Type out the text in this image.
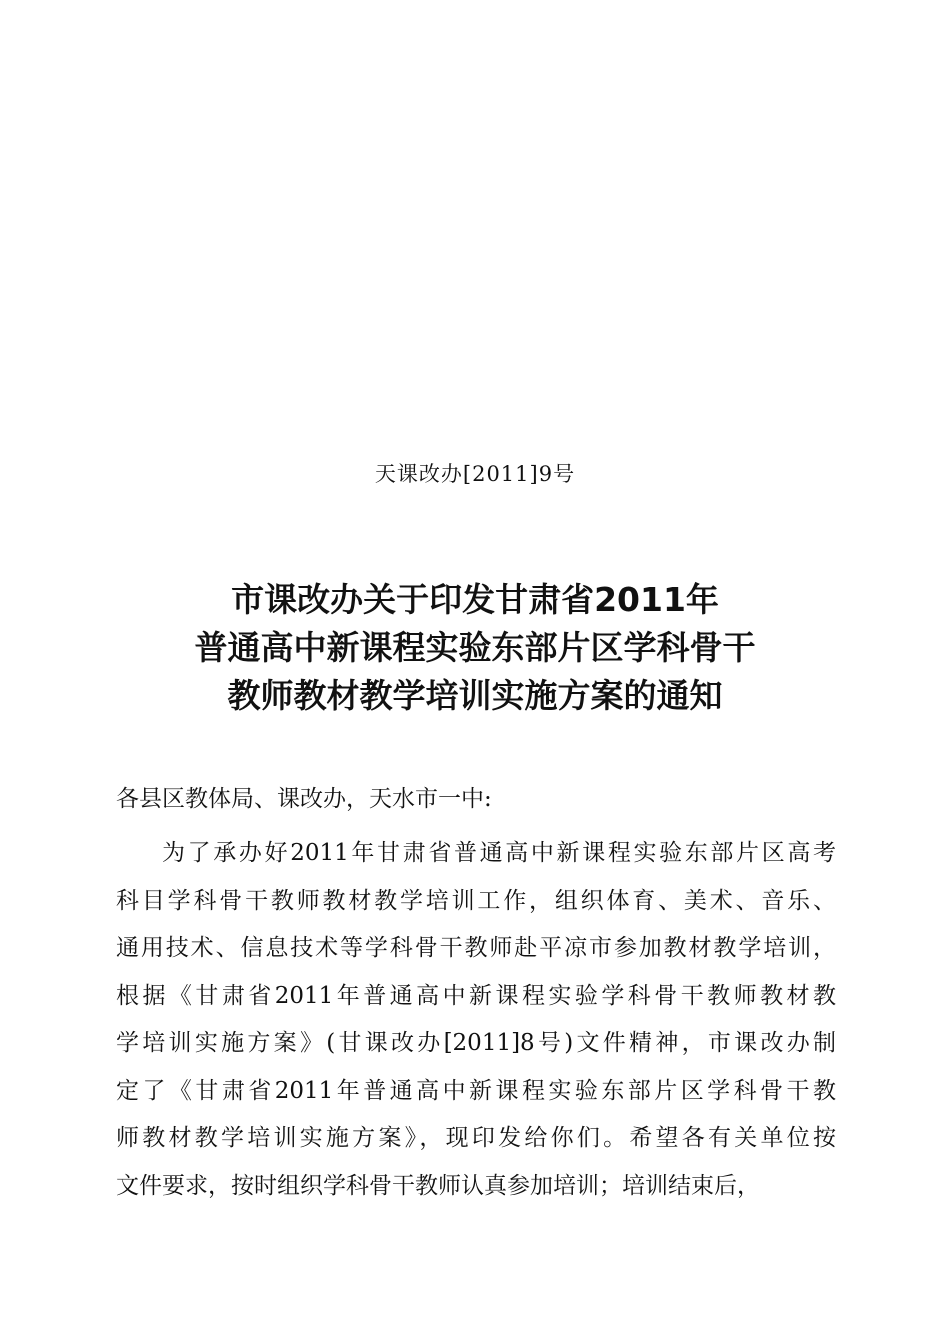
天课改办[2011]9号
市课改办关于印发甘肃省2011年
普通高中新课程实验东部片区学科骨干
教师教材教学培训实施方案的通知
各县区教体局、课改办，天水市一中:
为了承办好2011年甘肃省普通高中新课程实验东部片区高考
科目学科骨干教师教材教学培训工作，组织体育、美术、音乐、
通用技术、信息技术等学科骨干教师赴平凉市参加教材教学培训，
根据《甘肃省2011年普通高中新课程实验学科骨干教师教材教
学培训实施方案》(甘课改办[2011]8号)文件精神，市课改办制
定了《甘肃省2011年普通高中新课程实验东部片区学科骨干教
师教材教学培训实施方案》，现印发给你们。希望各有关单位按
文件要求，按时组织学科骨干教师认真参加培训；培训结束后，
